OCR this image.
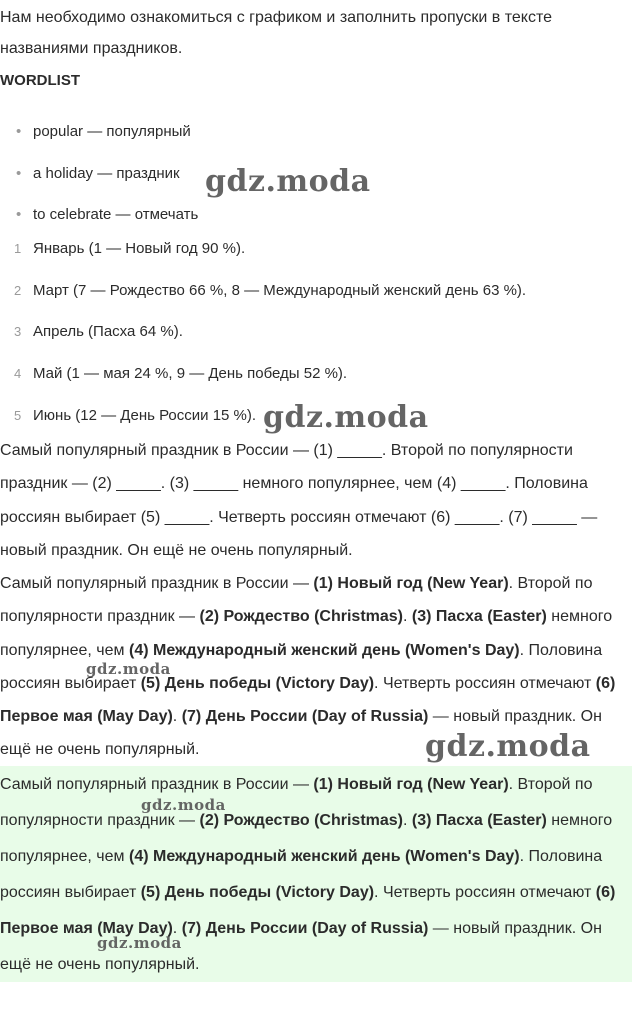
Нам необходимо ознакомиться с графиком и заполнить пропуски в тексте названиями праздников.
WORDLIST
• popular — популярный
• a holiday — праздник
• to celebrate — отмечать
1 Январь (1 — Новый год 90 %).
2 Март (7 — Рождество 66 %, 8 — Международный женский день 63 %).
3 Апрель (Пасха 64 %).
4 Май (1 — мая 24 %, 9 — День победы 52 %).
5 Июнь (12 — День России 15 %).
Самый популярный праздник в России — (1) _____. Второй по популярности праздник — (2) _____. (3) _____ немного популярнее, чем (4) _____. Половина россиян выбирает (5) _____. Четверть россиян отмечают (6) _____. (7) _____ — новый праздник. Он ещё не очень популярный.
Самый популярный праздник в России — (1) Новый год (New Year). Второй по популярности праздник — (2) Рождество (Christmas). (3) Пасха (Easter) немного популярнее, чем (4) Международный женский день (Women's Day). Половина россиян выбирает (5) День победы (Victory Day). Четверть россиян отмечают (6) Первое мая (May Day). (7) День России (Day of Russia) — новый праздник. Он ещё не очень популярный.
Самый популярный праздник в России — (1) Новый год (New Year). Второй по популярности праздник — (2) Рождество (Christmas). (3) Пасха (Easter) немного популярнее, чем (4) Международный женский день (Women's Day). Половина россиян выбирает (5) День победы (Victory Day). Четверть россиян отмечают (6) Первое мая (May Day). (7) День России (Day of Russia) — новый праздник. Он ещё не очень популярный.
gdz.moda
gdz.moda
gdz.moda
gdz.moda
gdz.moda
gdz.moda
